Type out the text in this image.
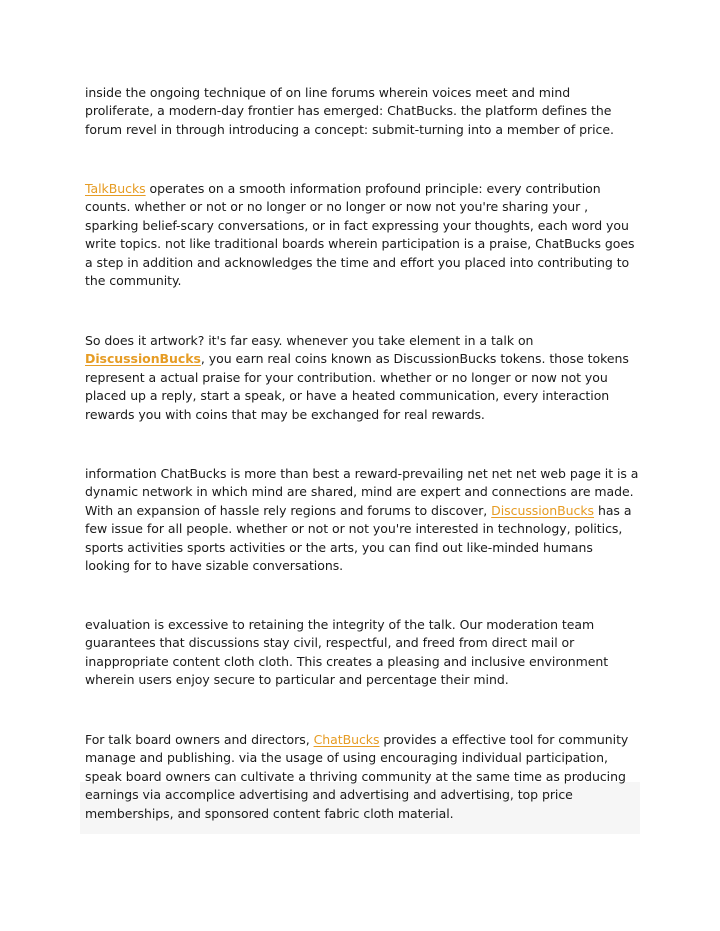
inside the ongoing technique of on line forums wherein voices meet and mind proliferate, a modern-day frontier has emerged: ChatBucks. the platform defines the forum revel in through introducing a concept: submit-turning into a member of price.

TalkBucks operates on a smooth information profound principle: every contribution counts. whether or not or no longer or no longer or now not you're sharing your , sparking belief-scary conversations, or in fact expressing your thoughts, each word you write topics. not like traditional boards wherein participation is a praise, ChatBucks goes a step in addition and acknowledges the time and effort you placed into contributing to the community.

So does it artwork? it's far easy. whenever you take element in a talk on DiscussionBucks, you earn real coins known as DiscussionBucks tokens. those tokens represent a actual praise for your contribution. whether or no longer or now not you placed up a reply, start a speak, or have a heated communication, every interaction rewards you with coins that may be exchanged for real rewards.

information ChatBucks is more than best a reward-prevailing net net net web page it is a dynamic network in which mind are shared, mind are expert and connections are made. With an expansion of hassle rely regions and forums to discover, DiscussionBucks has a few issue for all people. whether or not or not you're interested in technology, politics, sports activities sports activities or the arts, you can find out like-minded humans looking for to have sizable conversations.

evaluation is excessive to retaining the integrity of the talk. Our moderation team guarantees that discussions stay civil, respectful, and freed from direct mail or inappropriate content cloth cloth. This creates a pleasing and inclusive environment wherein users enjoy secure to particular and percentage their mind.

For talk board owners and directors, ChatBucks provides a effective tool for community manage and publishing. via the usage of using encouraging individual participation, speak board owners can cultivate a thriving community at the same time as producing earnings via accomplice advertising and advertising and advertising, top price memberships, and sponsored content fabric cloth material.
